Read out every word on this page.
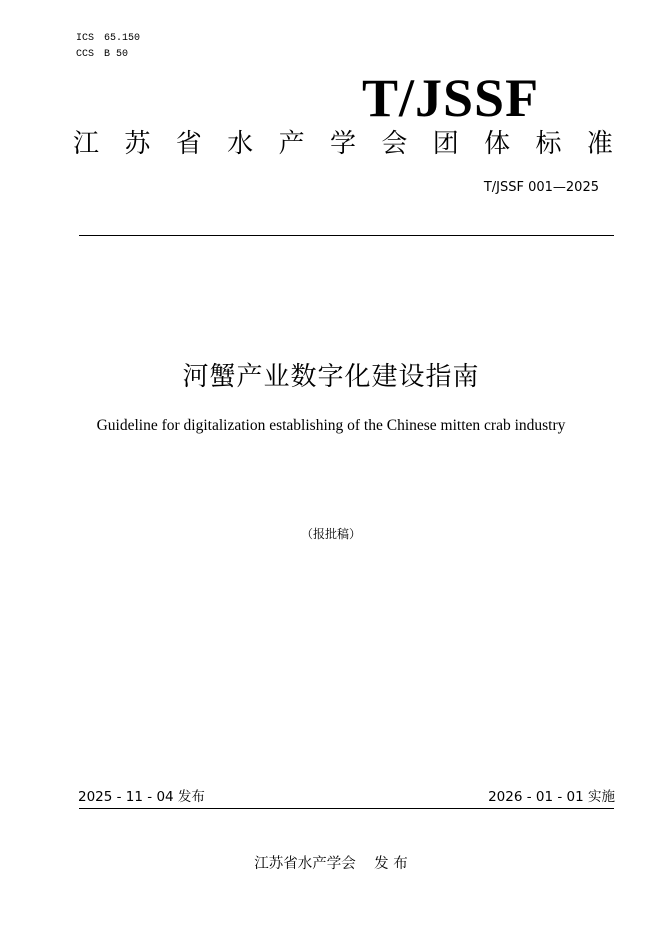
ICS 65.150
CCS B 50
T/JSSF
江 苏 省 水 产 学 会 团 体 标 准
T/JSSF 001—2025
河蟹产业数字化建设指南
Guideline for digitalization establishing of the Chinese mitten crab industry
（报批稿）
2025 - 11 - 04 发布	2026 - 01 - 01 实施
江苏省水产学会    发 布
